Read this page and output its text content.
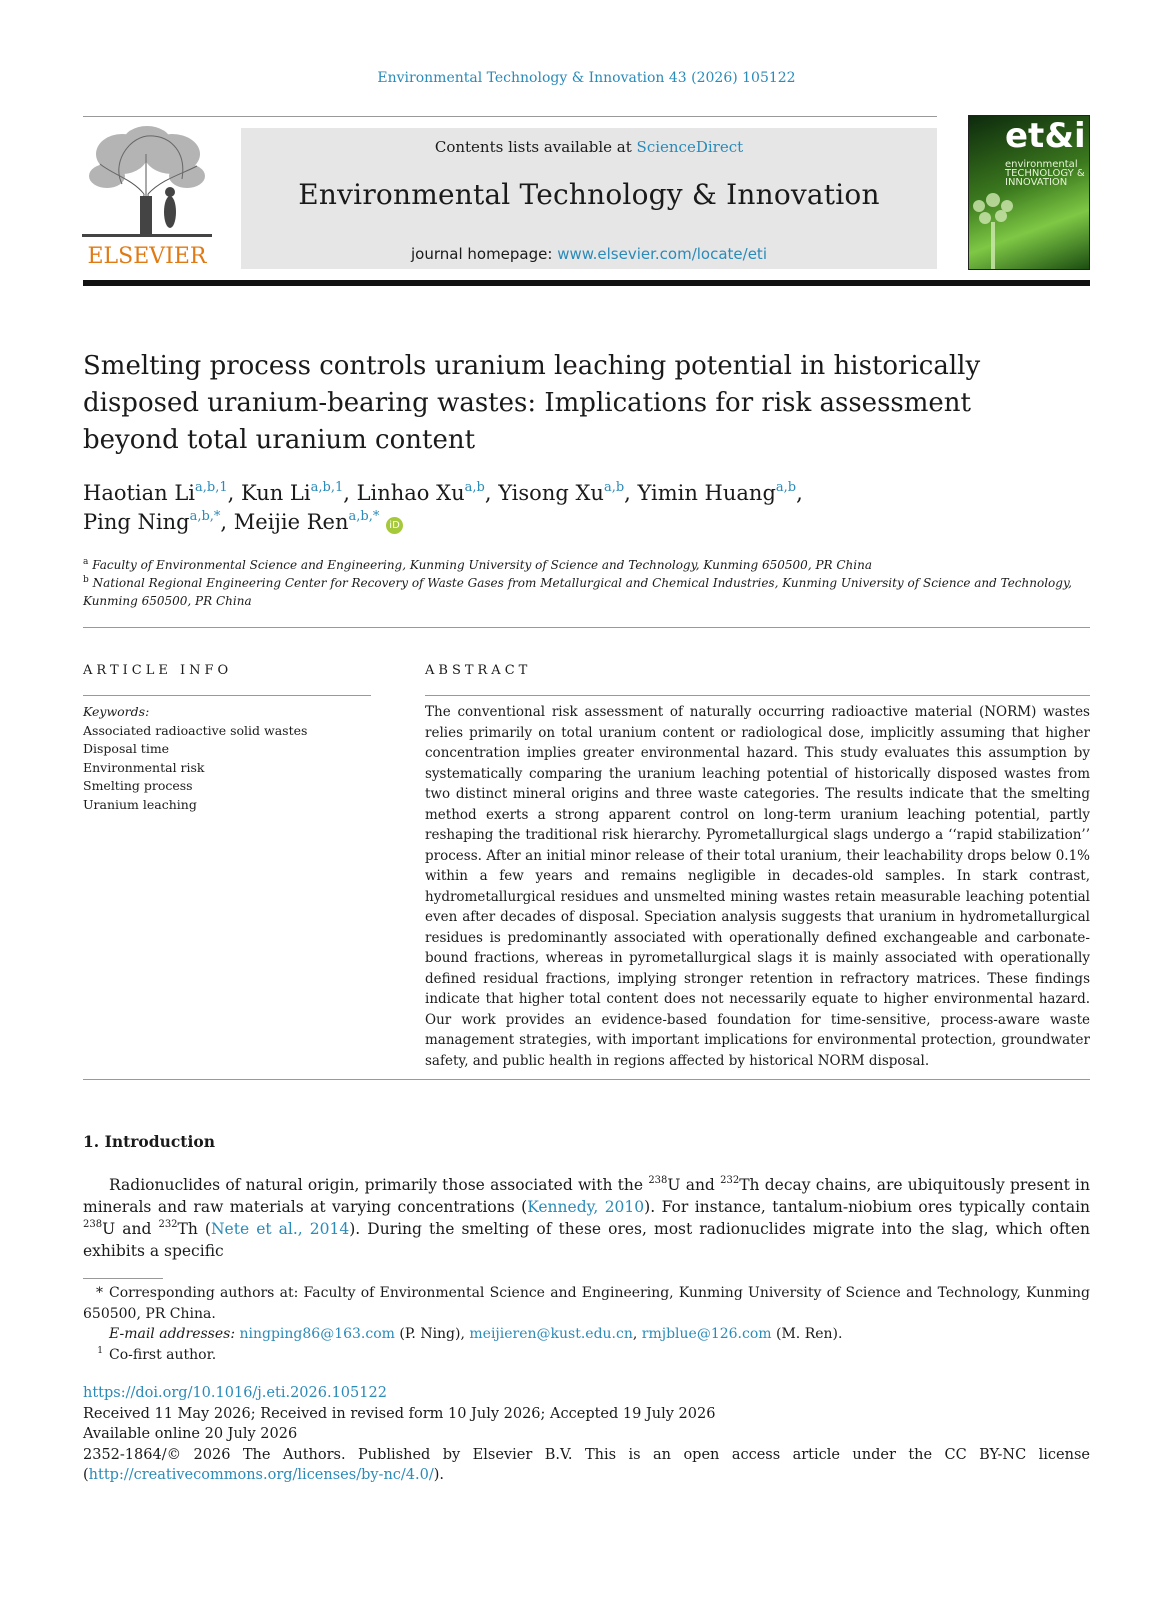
Environmental Technology & Innovation 43 (2026) 105122
ELSEVIER
Contents lists available at ScienceDirect
Environmental Technology & Innovation
journal homepage: www.elsevier.com/locate/eti
et&i
environmental
TECHNOLOGY &
INNOVATION
Smelting process controls uranium leaching potential in historically disposed uranium-bearing wastes: Implications for risk assessment beyond total uranium content
Haotian Li$^{a,b,1}$, Kun Li$^{a,b,1}$, Linhao Xu$^{a,b}$, Yisong Xu$^{a,b}$, Yimin Huang$^{a,b}$,
Ping Ning$^{a,b,*}$, Meijie Ren$^{a,b,*}$ iD
$^a$ Faculty of Environmental Science and Engineering, Kunming University of Science and Technology, Kunming 650500, PR China
$^b$ National Regional Engineering Center for Recovery of Waste Gases from Metallurgical and Chemical Industries, Kunming University of Science and Technology, Kunming 650500, PR China
ARTICLE INFO
Keywords:
Associated radioactive solid wastes
Disposal time
Environmental risk
Smelting process
Uranium leaching
ABSTRACT

The conventional risk assessment of naturally occurring radioactive material (NORM) wastes relies primarily on total uranium content or radiological dose, implicitly assuming that higher concentration implies greater environmental hazard. This study evaluates this assumption by systematically comparing the uranium leaching potential of historically disposed wastes from two distinct mineral origins and three waste categories. The results indicate that the smelting method exerts a strong apparent control on long-term uranium leaching potential, partly reshaping the traditional risk hierarchy. Pyrometallurgical slags undergo a ‘‘rapid stabilization’’ process. After an initial minor release of their total uranium, their leachability drops below 0.1% within a few years and remains negligible in decades-old samples. In stark contrast, hydrometallurgical residues and unsmelted mining wastes retain measurable leaching potential even after decades of disposal. Speciation analysis suggests that uranium in hydrometallurgical residues is predominantly associated with operationally defined exchangeable and carbonate-bound fractions, whereas in pyrometallurgical slags it is mainly associated with operationally defined residual fractions, implying stronger retention in refractory matrices. These findings indicate that higher total content does not necessarily equate to higher environmental hazard. Our work provides an evidence-based foundation for time-sensitive, process-aware waste management strategies, with important implications for environmental protection, groundwater safety, and public health in regions affected by historical NORM disposal.

1. Introduction

Radionuclides of natural origin, primarily those associated with the $^{238}$U and $^{232}$Th decay chains, are ubiquitously present in minerals and raw materials at varying concentrations (Kennedy, 2010). For instance, tantalum-niobium ores typically contain $^{238}$U and $^{232}$Th (Nete et al., 2014). During the smelting of these ores, most radionuclides migrate into the slag, which often exhibits a specific

* Corresponding authors at: Faculty of Environmental Science and Engineering, Kunming University of Science and Technology, Kunming 650500, PR China.
E-mail addresses: ningping86@163.com (P. Ning), meijieren@kust.edu.cn, rmjblue@126.com (M. Ren).
$^1$ Co-first author.
https://doi.org/10.1016/j.eti.2026.105122
Received 11 May 2026; Received in revised form 10 July 2026; Accepted 19 July 2026
Available online 20 July 2026
2352-1864/© 2026 The Authors. Published by Elsevier B.V. This is an open access article under the CC BY-NC license
(http://creativecommons.org/licenses/by-nc/4.0/).
